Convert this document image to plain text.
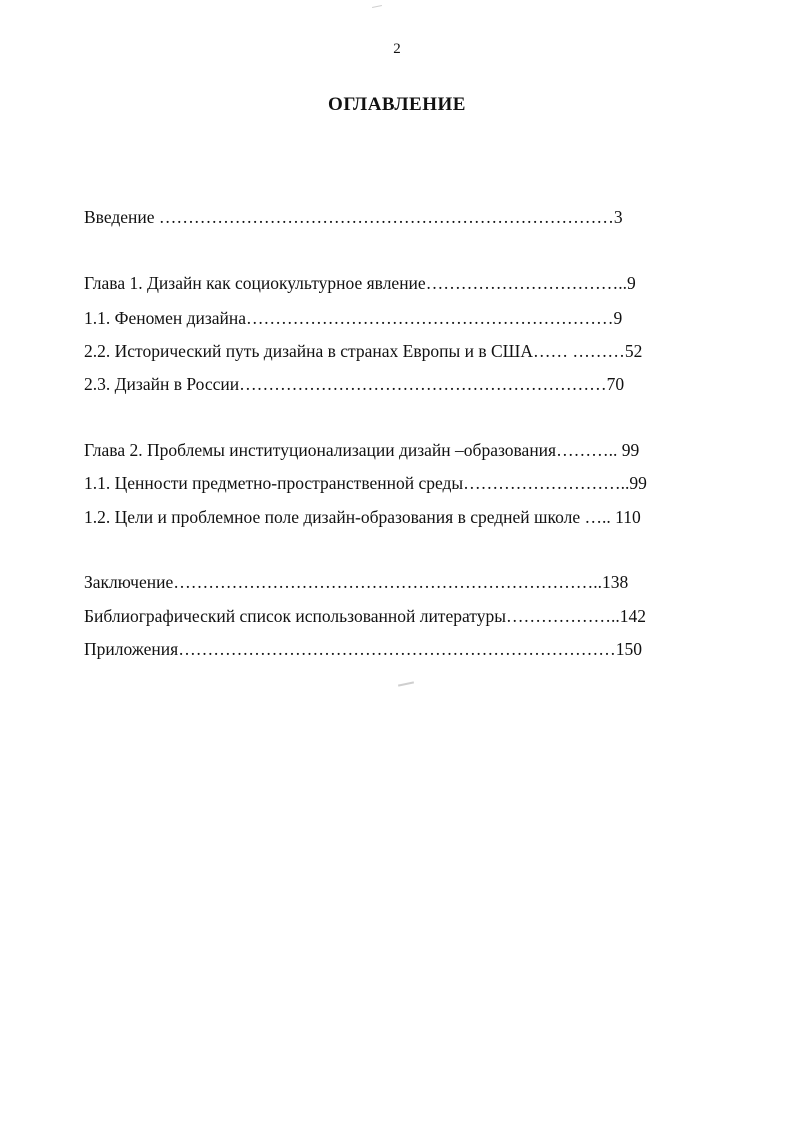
2
ОГЛАВЛЕНИЕ
Введение ……………………………………………………………………3
Глава 1. Дизайн как социокультурное явление……………………………..9
1.1. Феномен дизайна………………………………………………………9
2.2. Исторический путь дизайна в странах Европы и в США…… ………52
2.3. Дизайн в России………………………………………………………70
Глава 2. Проблемы институционализации дизайн –образования……….. 99
1.1. Ценности предметно-пространственной среды………………………..99
1.2. Цели и проблемное поле дизайн-образования в средней школе ….. 110
Заключение………………………………………………………………..138
Библиографический список использованной литературы………………..142
Приложения…………………………………………………………………150
